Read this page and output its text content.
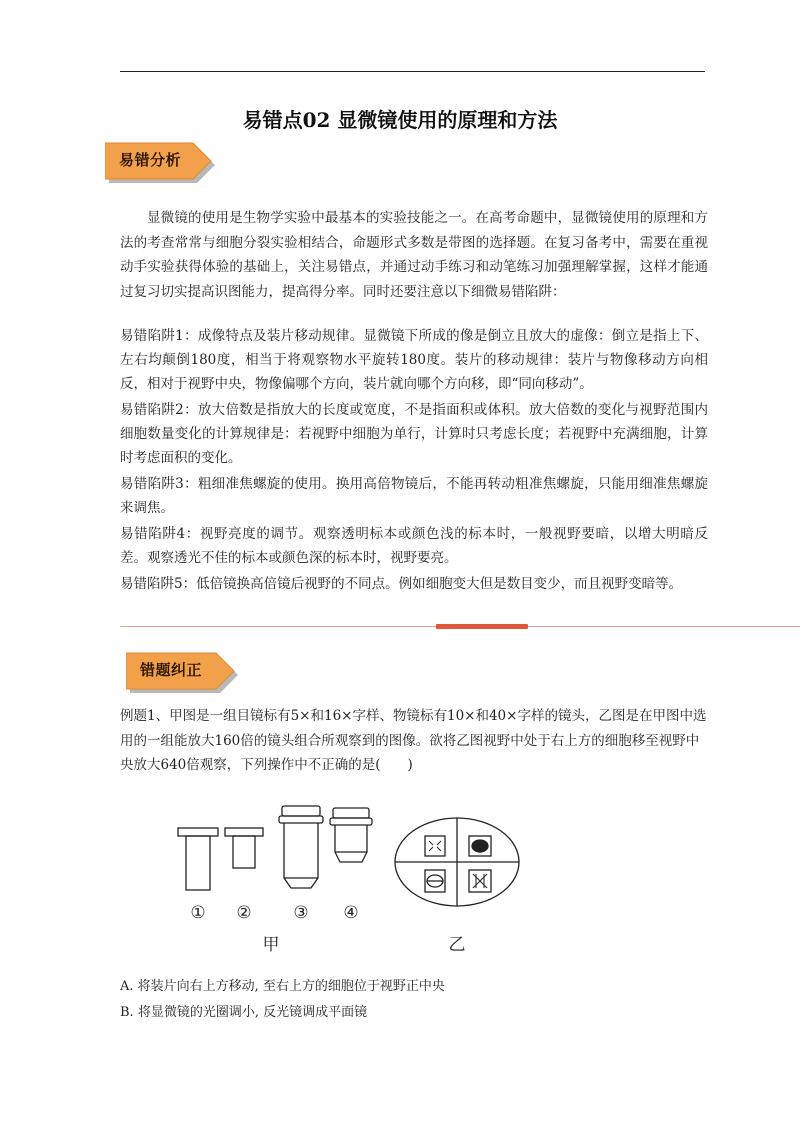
易错点02 显微镜使用的原理和方法
易错分析

显微镜的使用是生物学实验中最基本的实验技能之一。在高考命题中，显微镜使用的原理和方法的考查常常与细胞分裂实验相结合，命题形式多数是带图的选择题。在复习备考中，需要在重视动手实验获得体验的基础上，关注易错点，并通过动手练习和动笔练习加强理解掌握，这样才能通过复习切实提高识图能力，提高得分率。同时还要注意以下细微易错陷阱：

易错陷阱1：成像特点及装片移动规律。显微镜下所成的像是倒立且放大的虚像：倒立是指上下、左右均颠倒180度，相当于将观察物水平旋转180度。装片的移动规律：装片与物像移动方向相反，相对于视野中央，物像偏哪个方向，装片就向哪个方向移，即“同向移动”。

易错陷阱2：放大倍数是指放大的长度或宽度，不是指面积或体积。放大倍数的变化与视野范围内细胞数量变化的计算规律是：若视野中细胞为单行，计算时只考虑长度；若视野中充满细胞，计算时考虑面积的变化。

易错陷阱3：粗细准焦螺旋的使用。换用高倍物镜后，不能再转动粗准焦螺旋，只能用细准焦螺旋来调焦。

易错陷阱4：视野亮度的调节。观察透明标本或颜色浅的标本时，一般视野要暗，以增大明暗反差。观察透光不佳的标本或颜色深的标本时，视野要亮。

易错陷阱5：低倍镜换高倍镜后视野的不同点。例如细胞变大但是数目变少，而且视野变暗等。

错题纠正
例题1、甲图是一组目镜标有5×和16×字样、物镜标有10×和40×字样的镜头，乙图是在甲图中选用的一组能放大160倍的镜头组合所观察到的图像。欲将乙图视野中处于右上方的细胞移至视野中央放大640倍观察，下列操作中不正确的是(　　)
① ② ③ ④
甲	乙

A. 将装片向右上方移动, 至右上方的细胞位于视野正中央

B. 将显微镜的光圈调小, 反光镜调成平面镜
